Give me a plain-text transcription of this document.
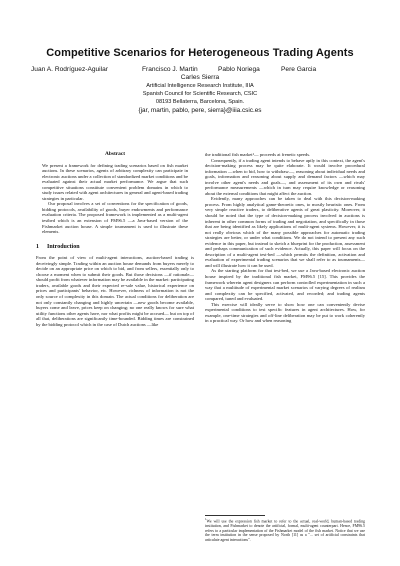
Competitive Scenarios for Heterogeneous Trading Agents
Juan A. Rodríguez-Aguilar	Francisco J. Martin	Pablo Noriega	Pere Garcia
Carles Sierra
Artificial Intelligence Research Institute, IIIA
Spanish Council for Scientific Research, CSIC
08193 Bellaterra, Barcelona, Spain.
{jar, martin, pablo, pere, sierra}@iiia.csic.es
Abstract

We present a framework for defining trading scenarios based on fish market auctions. In these scenarios, agents of arbitrary complexity can participate in electronic auctions under a collection of standardized market conditions and be evaluated against their actual market performance. We argue that such competitive situations constitute convenient problem domains in which to study issues related with agent architectures in general and agent-based trading strategies in particular.

Our proposal involves a set of conventions for the specification of goods, bidding protocols, availability of goods, buyer endowments and performance evaluation criteria. The proposed framework is implemented as a multi-agent testbed which is an extension of FM96.5 —a Java-based version of the Fishmarket auction house. A simple tournament is used to illustrate these elements.

1 Introduction

From the point of view of multi-agent interactions, auction-based trading is deceivingly simple. Trading within an auction house demands from buyers merely to decide on an appropriate price on which to bid, and from sellers, essentially only to choose a moment when to submit their goods. But those decisions —if rationale— should profit from whatever information may be available in the market: participating traders, available goods and their expected re-sale value, historical experience on prices and participants' behavior, etc. However, richness of information is not the only source of complexity in this domain. The actual conditions for deliberation are not only constantly changing and highly uncertain —new goods become available, buyers come and leave, prices keep on changing; no one really knows for sure what utility functions other agents have, nor what profits might be accrued— but on top of all that, deliberations are significantly time-bounded. Bidding times are constrained by the bidding protocol which in the case of Dutch auctions —like

the traditional fish market¹— proceeds at frenetic speeds.

Consequently, if a trading agent intends to behave aptly in this context, the agent's decision-making process may be quite elaborate. It would involve procedural information —when to bid, how to withdraw—, reasoning about individual needs and goals, information and reasoning about supply and demand factors —which may involve other agent's needs and goals—, and assessment of its own and rivals' performance measurements —which in turn may require knowledge or reasoning about the external conditions that might affect the auction.

Evidently, many approaches can be taken to deal with this decision-making process. From highly analytical game-theoretic ones, to mostly heuristic ones. From very simple reactive traders, to deliberative agents of great plasticity. Moreover, it should be noted that the type of decision-making process involved in auctions is inherent in other common forms of trading and negotiation, and specifically in those that are being identified as likely applications of multi-agent systems. However, it is not really obvious which of the many possible approaches for automatic trading strategies are better, or under what conditions. We do not intend to present any such evidence in this paper, but instead to sketch a blueprint for the production, assessment and perhaps communication of such evidence. Actually, this paper will focus on the description of a multi-agent test-bed —which permits the definition, activation and evaluation of experimental trading scenarios that we shall refer to as tournaments— and will illustrate how it can be used.

As the starting platform for that test-bed, we use a Java-based electronic auction house inspired by the traditional fish market, FM96.5 [15]. This provides the framework wherein agent designers can perform controlled experimentation in such a way that a multitude of experimental market scenarios of varying degrees of realism and complexity can be specified, activated, and recorded; and trading agents compared, tuned and evaluated.

This exercise will ideally serve to show how one can conveniently devise experimental conditions to test specific features in agent architectures. How, for example, one-time strategies and off-line deliberation may be put to work coherently in a practical way. Or how and when reasoning

$^1$We will use the expression fish market to refer to the actual, real-world, human-based trading institution, and Fishmarket to denote the artificial, formal, multi-agent counterpart. Hence, FM96.5 refers to a particular implementation of the Fishmarket model of the fish market. Notice that we use the term institution in the sense proposed by North [11] as a "... set of artificial constraints that articulate agent interactions".
